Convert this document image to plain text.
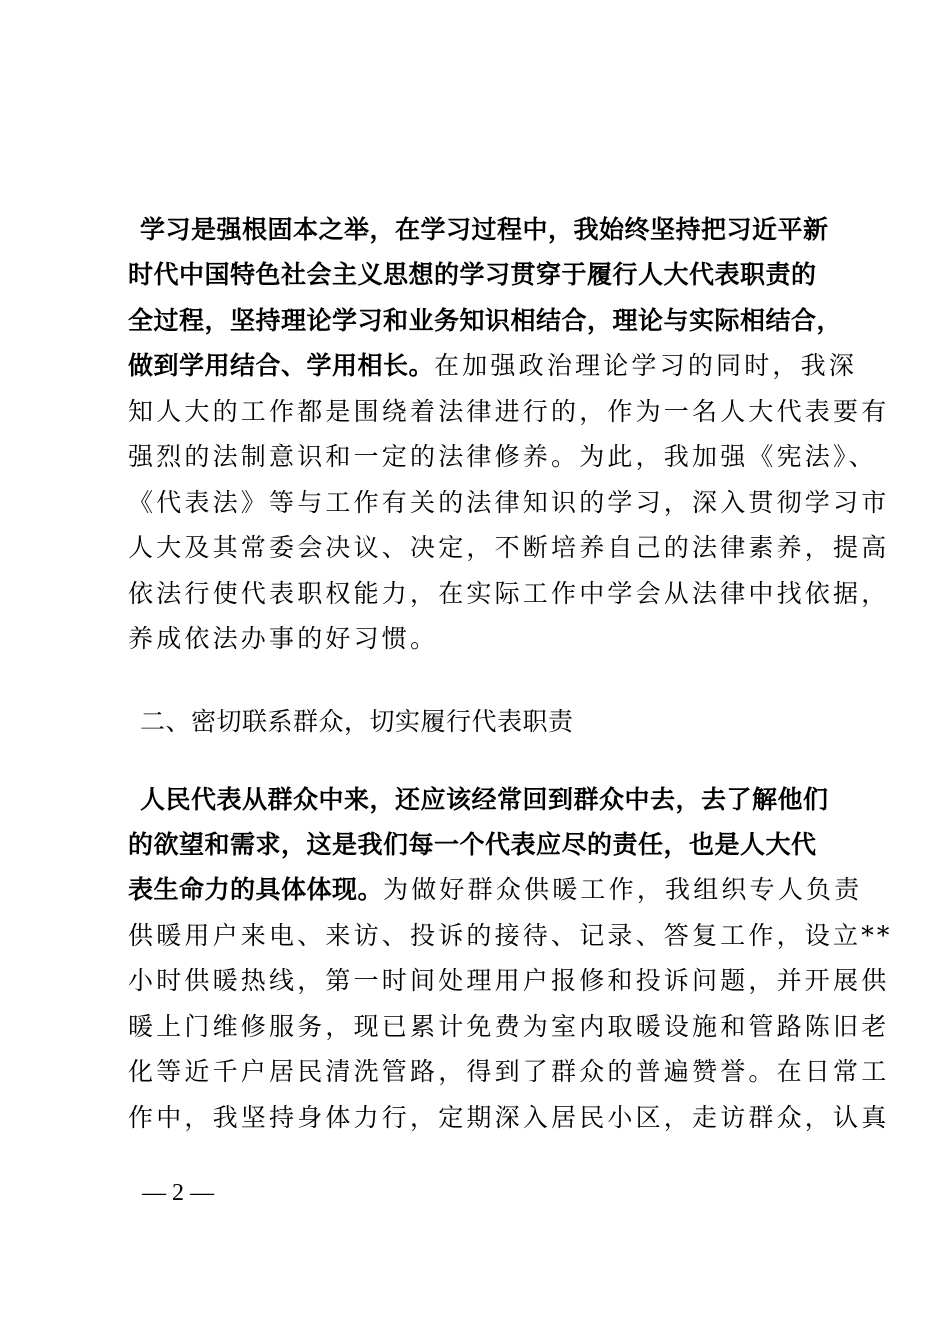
学习是强根固本之举，在学习过程中，我始终坚持把习近平新
时代中国特色社会主义思想的学习贯穿于履行人大代表职责的
全过程，坚持理论学习和业务知识相结合，理论与实际相结合，
做到学用结合、学用相长。在加强政治理论学习的同时，我深
知人大的工作都是围绕着法律进行的，作为一名人大代表要有
强烈的法制意识和一定的法律修养。为此，我加强《宪法》、
《代表法》等与工作有关的法律知识的学习，深入贯彻学习市
人大及其常委会决议、决定，不断培养自己的法律素养，提高
依法行使代表职权能力，在实际工作中学会从法律中找依据，
养成依法办事的好习惯。
二、密切联系群众，切实履行代表职责
人民代表从群众中来，还应该经常回到群众中去，去了解他们
的欲望和需求，这是我们每一个代表应尽的责任，也是人大代
表生命力的具体体现。为做好群众供暖工作，我组织专人负责
供暖用户来电、来访、投诉的接待、记录、答复工作，设立**
小时供暖热线，第一时间处理用户报修和投诉问题，并开展供
暖上门维修服务，现已累计免费为室内取暖设施和管路陈旧老
化等近千户居民清洗管路，得到了群众的普遍赞誉。在日常工
作中，我坚持身体力行，定期深入居民小区，走访群众，认真
— 2 —
